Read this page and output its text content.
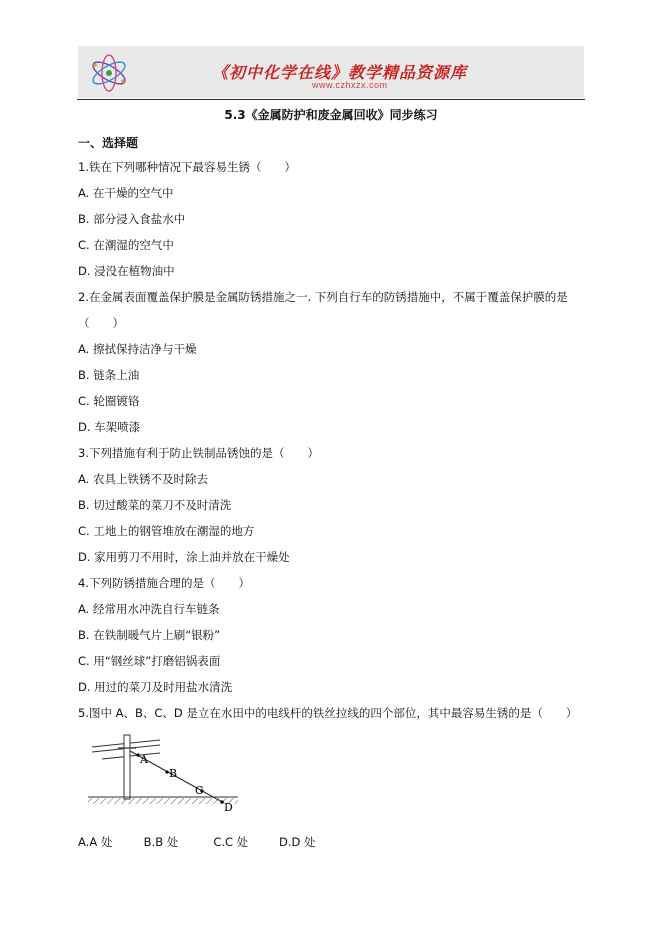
《初中化学在线》教学精品资源库
www.czhxzx.com
5.3《金属防护和废金属回收》同步练习
一、选择题
1.铁在下列哪种情况下最容易生锈（　　）
A. 在干燥的空气中
B. 部分浸入食盐水中
C. 在潮湿的空气中
D. 浸没在植物油中
2.在金属表面覆盖保护膜是金属防锈措施之一. 下列自行车的防锈措施中，不属于覆盖保护膜的是
（　　）
A. 擦拭保持洁净与干燥
B. 链条上油
C. 轮圈镀铬
D. 车架喷漆
3.下列措施有利于防止铁制品锈蚀的是（　　）
A. 农具上铁锈不及时除去
B. 切过酸菜的菜刀不及时清洗
C. 工地上的钢管堆放在潮湿的地方
D. 家用剪刀不用时，涂上油并放在干燥处
4.下列防锈措施合理的是（　　）
A. 经常用水冲洗自行车链条
B. 在铁制暖气片上刷“银粉”
C. 用“钢丝球”打磨铝锅表面
D. 用过的菜刀及时用盐水清洗
5.图中 A、B、C、D 是立在水田中的电线杆的铁丝拉线的四个部位，其中最容易生锈的是（　　）
A
B
C
D
A.A 处	B.B 处	C.C 处	D.D 处
